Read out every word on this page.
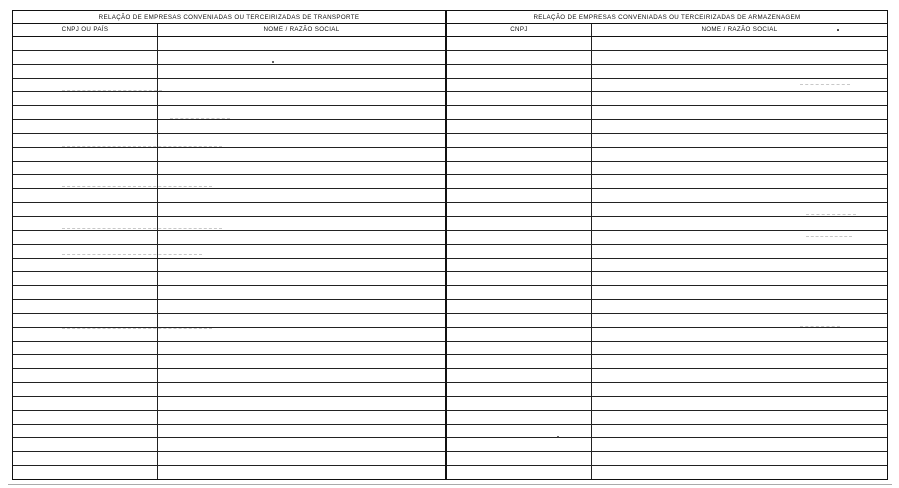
RELAÇÃO DE EMPRESAS CONVENIADAS OU TERCEIRIZADAS DE TRANSPORTE
CNPJ OU PAÍS	NOME / RAZÃO SOCIAL
RELAÇÃO DE EMPRESAS CONVENIADAS OU TERCEIRIZADAS DE ARMAZENAGEM
CNPJ	NOME / RAZÃO SOCIAL
